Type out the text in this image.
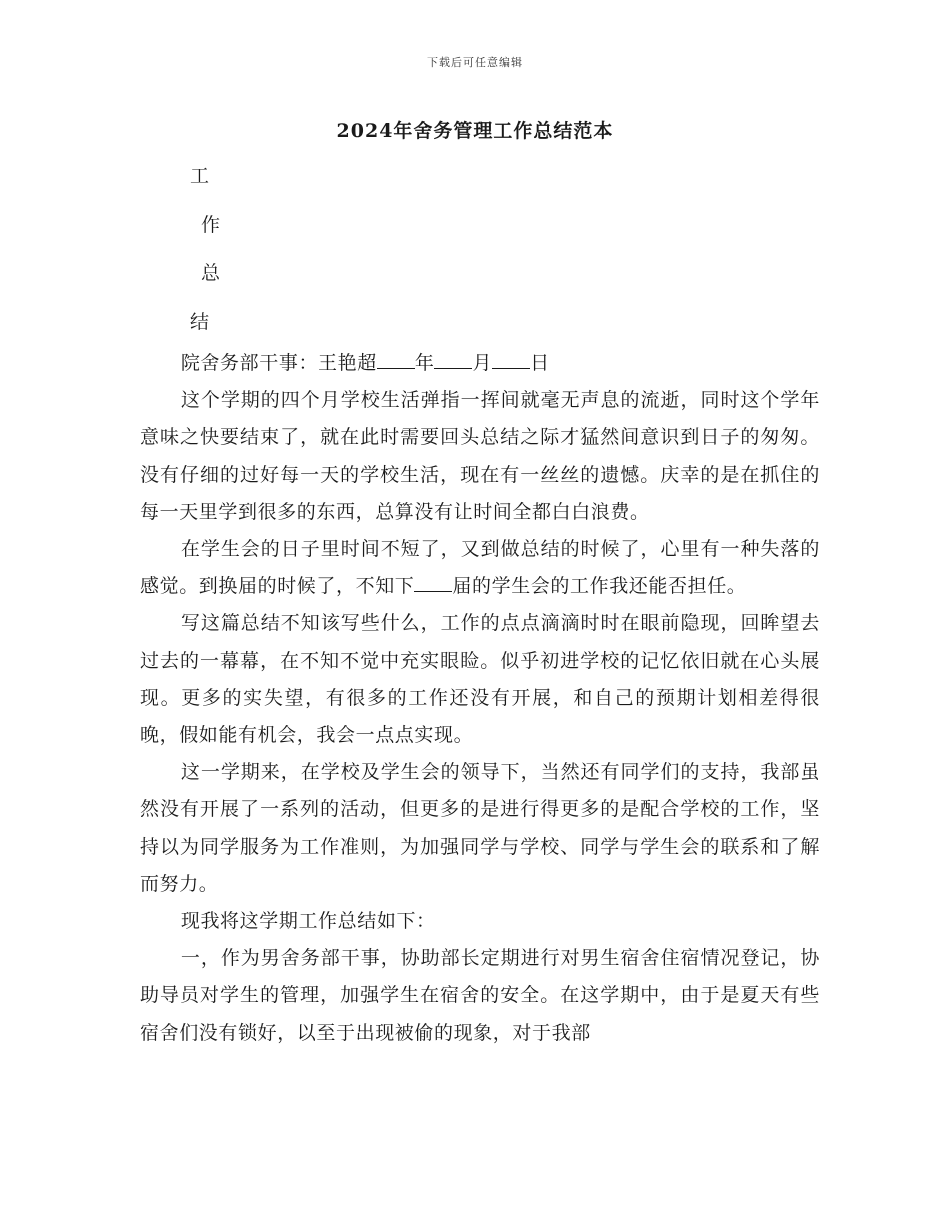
下载后可任意编辑
2024年舍务管理工作总结范本
工
作
总
结

院舍务部干事：王艳超 年 月 日

这个学期的四个月学校生活弹指一挥间就毫无声息的流逝，同时这个学年意味之快要结束了，就在此时需要回头总结之际才猛然间意识到日子的匆匆。没有仔细的过好每一天的学校生活，现在有一丝丝的遗憾。庆幸的是在抓住的每一天里学到很多的东西，总算没有让时间全都白白浪费。

在学生会的日子里时间不短了，又到做总结的时候了，心里有一种失落的感觉。到换届的时候了，不知下 届的学生会的工作我还能否担任。

写这篇总结不知该写些什么，工作的点点滴滴时时在眼前隐现，回眸望去过去的一幕幕，在不知不觉中充实眼睑。似乎初进学校的记忆依旧就在心头展现。更多的实失望，有很多的工作还没有开展，和自己的预期计划相差得很晚，假如能有机会，我会一点点实现。

这一学期来，在学校及学生会的领导下，当然还有同学们的支持，我部虽然没有开展了一系列的活动，但更多的是进行得更多的是配合学校的工作，坚持以为同学服务为工作准则，为加强同学与学校、同学与学生会的联系和了解而努力。

现我将这学期工作总结如下：

一，作为男舍务部干事，协助部长定期进行对男生宿舍住宿情况登记，协助导员对学生的管理，加强学生在宿舍的安全。在这学期中，由于是夏天有些宿舍们没有锁好，以至于出现被偷的现象，对于我部
